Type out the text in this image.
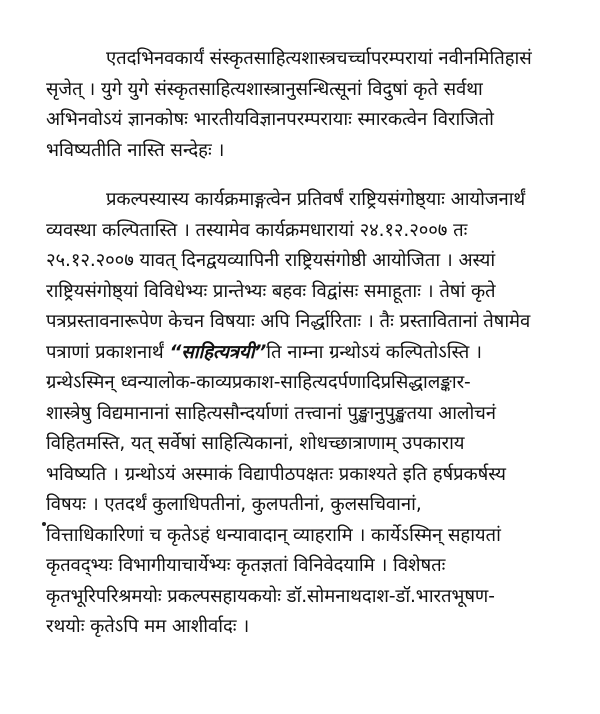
एतदभिनवकार्यं संस्कृतसाहित्यशास्त्रचर्च्चापरम्परायां नवीनमितिहासं
सृजेत् । युगे युगे संस्कृतसाहित्यशास्त्रानुसन्धित्सूनां विदुषां कृते सर्वथा
अभिनवोऽयं ज्ञानकोषः भारतीयविज्ञानपरम्परायाः स्मारकत्वेन विराजितो
भविष्यतीति नास्ति सन्देहः ।
प्रकल्पस्यास्य कार्यक्रमाङ्गत्वेन प्रतिवर्षं राष्ट्रियसंगोष्ठ्याः आयोजनार्थं
व्यवस्था कल्पितास्ति । तस्यामेव कार्यक्रमधारायां २४.१२.२००७ तः
२५.१२.२००७ यावत् दिनद्वयव्यापिनी राष्ट्रियसंगोष्ठी आयोजिता । अस्यां
राष्ट्रियसंगोष्ठ्यां विविधेभ्यः प्रान्तेभ्यः बहवः विद्वांसः समाहूताः । तेषां कृते
पत्रप्रस्तावनारूपेण केचन विषयाः अपि निर्द्धारिताः । तैः प्रस्तावितानां तेषामेव
पत्राणां प्रकाशनार्थं “साहित्यत्रयी”ति नाम्ना ग्रन्थोऽयं कल्पितोऽस्ति ।
ग्रन्थेऽस्मिन् ध्वन्यालोक-काव्यप्रकाश-साहित्यदर्पणादिप्रसिद्धालङ्कार-
शास्त्रेषु विद्यमानानां साहित्यसौन्दर्याणां तत्त्वानां पुङ्खानुपुङ्खतया आलोचनं
विहितमस्ति, यत् सर्वेषां साहित्यिकानां, शोधच्छात्राणाम् उपकाराय
भविष्यति । ग्रन्थोऽयं अस्माकं विद्यापीठपक्षतः प्रकाश्यते इति हर्षप्रकर्षस्य
विषयः । एतदर्थं कुलाधिपतीनां, कुलपतीनां, कुलसचिवानां,
वित्ताधिकारिणां च कृतेऽहं धन्यावादान् व्याहरामि । कार्येऽस्मिन् सहायतां
कृतवद्भ्यः विभागीयाचार्येभ्यः कृतज्ञतां विनिवेदयामि । विशेषतः
कृतभूरिपरिश्रमयोः प्रकल्पसहायकयोः डॉ.सोमनाथदाश-डॉ.भारतभूषण-
रथयोः कृतेऽपि मम आशीर्वादः ।
